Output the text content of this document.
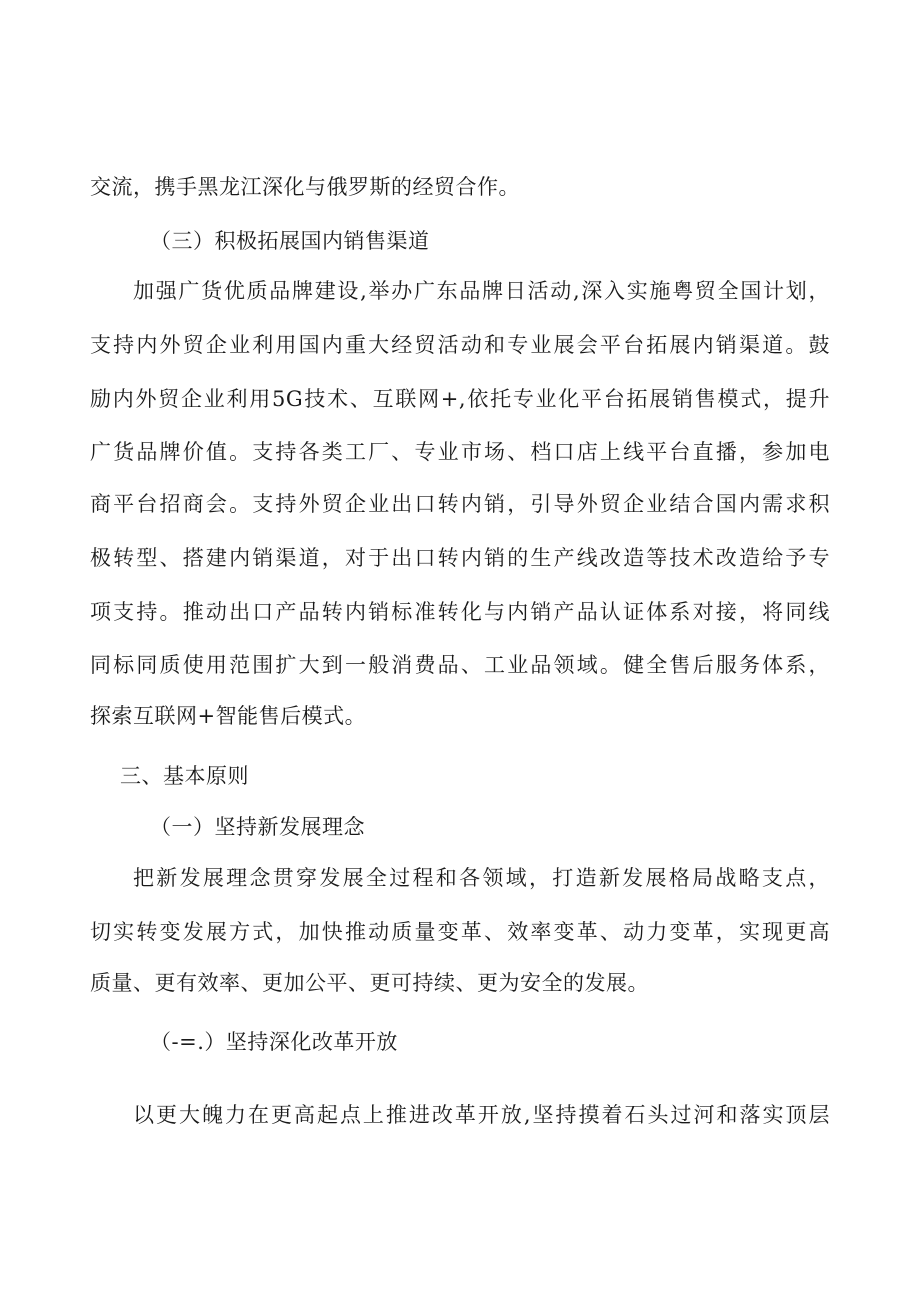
交流，携手黑龙江深化与俄罗斯的经贸合作。

（三）积极拓展国内销售渠道

加强广货优质品牌建设,举办广东品牌日活动,深入实施粤贸全国计划，

支持内外贸企业利用国内重大经贸活动和专业展会平台拓展内销渠道。鼓

励内外贸企业利用5G技术、互联网+,依托专业化平台拓展销售模式，提升

广货品牌价值。支持各类工厂、专业市场、档口店上线平台直播，参加电

商平台招商会。支持外贸企业出口转内销，引导外贸企业结合国内需求积

极转型、搭建内销渠道，对于出口转内销的生产线改造等技术改造给予专

项支持。推动出口产品转内销标准转化与内销产品认证体系对接，将同线

同标同质使用范围扩大到一般消费品、工业品领域。健全售后服务体系，

探索互联网+智能售后模式。

三、基本原则

（一）坚持新发展理念

把新发展理念贯穿发展全过程和各领域，打造新发展格局战略支点，

切实转变发展方式，加快推动质量变革、效率变革、动力变革，实现更高

质量、更有效率、更加公平、更可持续、更为安全的发展。

（-=.）坚持深化改革开放

以更大魄力在更高起点上推进改革开放,坚持摸着石头过河和落实顶层
